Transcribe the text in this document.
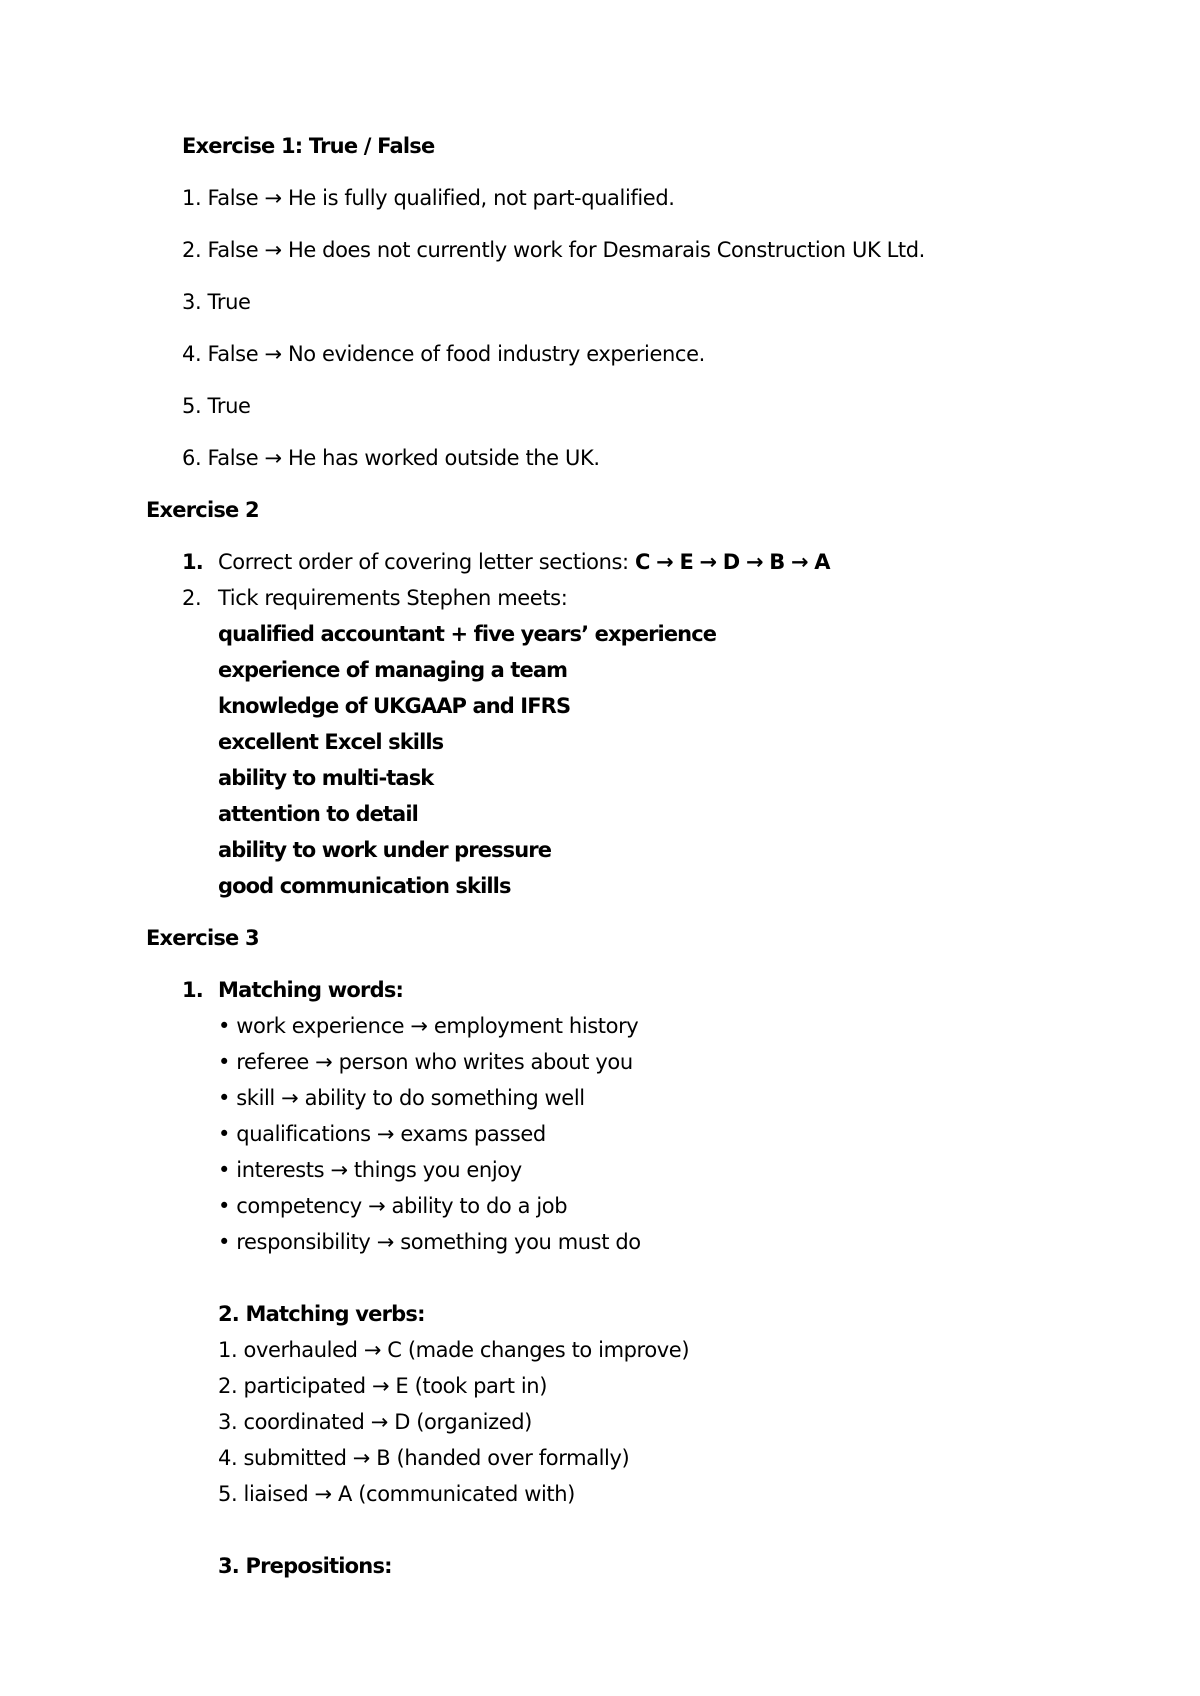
Exercise 1: True / False
1. False → He is fully qualified, not part-qualified.
2. False → He does not currently work for Desmarais Construction UK Ltd.
3. True
4. False → No evidence of food industry experience.
5. True
6. False → He has worked outside the UK.
Exercise 2
1. Correct order of covering letter sections: C → E → D → B → A
2. Tick requirements Stephen meets:
qualified accountant + five years’ experience
experience of managing a team
knowledge of UKGAAP and IFRS
excellent Excel skills
ability to multi-task
attention to detail
ability to work under pressure
good communication skills
Exercise 3
1. Matching words:
• work experience → employment history
• referee → person who writes about you
• skill → ability to do something well
• qualifications → exams passed
• interests → things you enjoy
• competency → ability to do a job
• responsibility → something you must do
2. Matching verbs:
1. overhauled → C (made changes to improve)
2. participated → E (took part in)
3. coordinated → D (organized)
4. submitted → B (handed over formally)
5. liaised → A (communicated with)
3. Prepositions:
